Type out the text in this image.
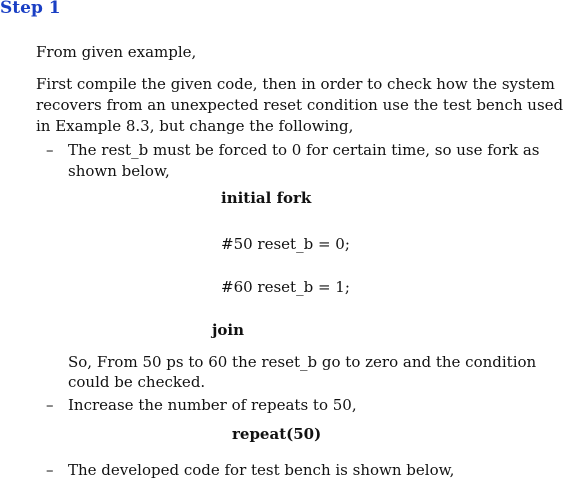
Step 1
From given example,
First compile the given code, then in order to check how the system
recovers from an unexpected reset condition use the test bench used
in Example 8.3, but change the following,
– The rest_b must be forced to 0 for certain time, so use fork as
shown below,
initial fork
#50 reset_b = 0;
#60 reset_b = 1;
join
So, From 50 ps to 60 the reset_b go to zero and the condition
could be checked.
– Increase the number of repeats to 50,
repeat(50)
– The developed code for test bench is shown below,
